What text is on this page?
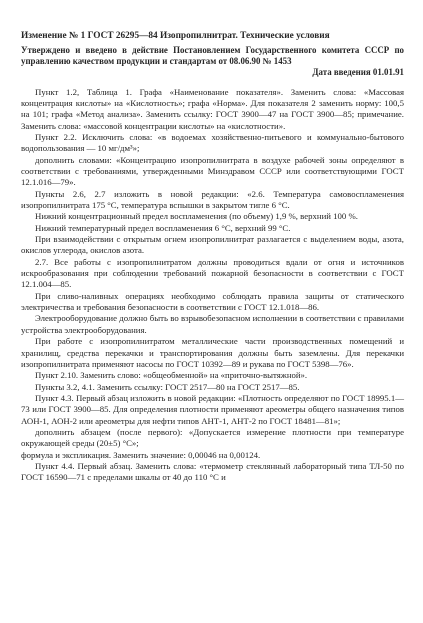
Изменение № 1 ГОСТ 26295—84 Изопропилнитрат. Технические условия

Утверждено и введено в действие Постановлением Государственного комитета СССР по управлению качеством продукции и стандартам от 08.06.90 № 1453

Дата введения 01.01.91

Пункт 1.2, Таблица 1. Графа «Наименование показателя». Заменить слова: «Массовая концентрация кислоты» на «Кислотность»; графа «Норма». Для показателя 2 заменить норму: 100,5 на 101; графа «Метод анализа». Заменить ссылку: ГОСТ 3900—47 на ГОСТ 3900—85; примечание. Заменить слова: «массовой концентрации кислоты» на «кислотности».

Пункт 2.2. Исключить слова: «в водоемах хозяйственно-питьевого и коммунально-бытового водопользования — 10 мг/дм³»;

дополнить словами: «Концентрацию изопропилнитрата в воздухе рабочей зоны определяют в соответствии с требованиями, утвержденными Минздравом СССР или соответствующими ГОСТ 12.1.016—79».

Пункты 2.6, 2.7 изложить в новой редакции: «2.6. Температура самовоспламенения изопропилнитрата 175 °С, температура вспышки в закрытом тигле 6 °С.

Нижний концентрационный предел воспламенения (по объему) 1,9 %, верхний 100 %.

Нижний температурный предел воспламенения 6 °С, верхний 99 °С.

При взаимодействии с открытым огнем изопропилнитрат разлагается с выделением воды, азота, окислов углерода, окислов азота.

2.7. Все работы с изопропилнитратом должны проводиться вдали от огня и источников искрообразования при соблюдении требований пожарной безопасности в соответствии с ГОСТ 12.1.004—85.

При сливо-наливных операциях необходимо соблюдать правила защиты от статического электричества и требования безопасности в соответствии с ГОСТ 12.1.018—86.

Электрооборудование должно быть во взрывобезопасном исполнении в соответствии с правилами устройства электрооборудования.

При работе с изопропилнитратом металлические части производственных помещений и хранилищ, средства перекачки и транспортирования должны быть заземлены. Для перекачки изопропилнитрата применяют насосы по ГОСТ 10392—89 и рукава по ГОСТ 5398—76».

Пункт 2.10. Заменить слово: «общеобменной» на «приточно-вытяжной».

Пункты 3.2, 4.1. Заменить ссылку: ГОСТ 2517—80 на ГОСТ 2517—85.

Пункт 4.3. Первый абзац изложить в новой редакции: «Плотность определяют по ГОСТ 18995.1—73 или ГОСТ 3900—85. Для определения плотности применяют ареометры общего назначения типов АОН-1, АОН-2 или ареометры для нефти типов АНТ-1, АНТ-2 по ГОСТ 18481—81»;

дополнить абзацем (после первого): «Допускается измерение плотности при температуре окружающей среды (20±5) °С»;

формула и экспликация. Заменить значение: 0,00046 на 0,00124.

Пункт 4.4. Первый абзац. Заменить слова: «термометр стеклянный лабораторный типа ТЛ-50 по ГОСТ 16590—71 с пределами шкалы от 40 до 110 °С и
